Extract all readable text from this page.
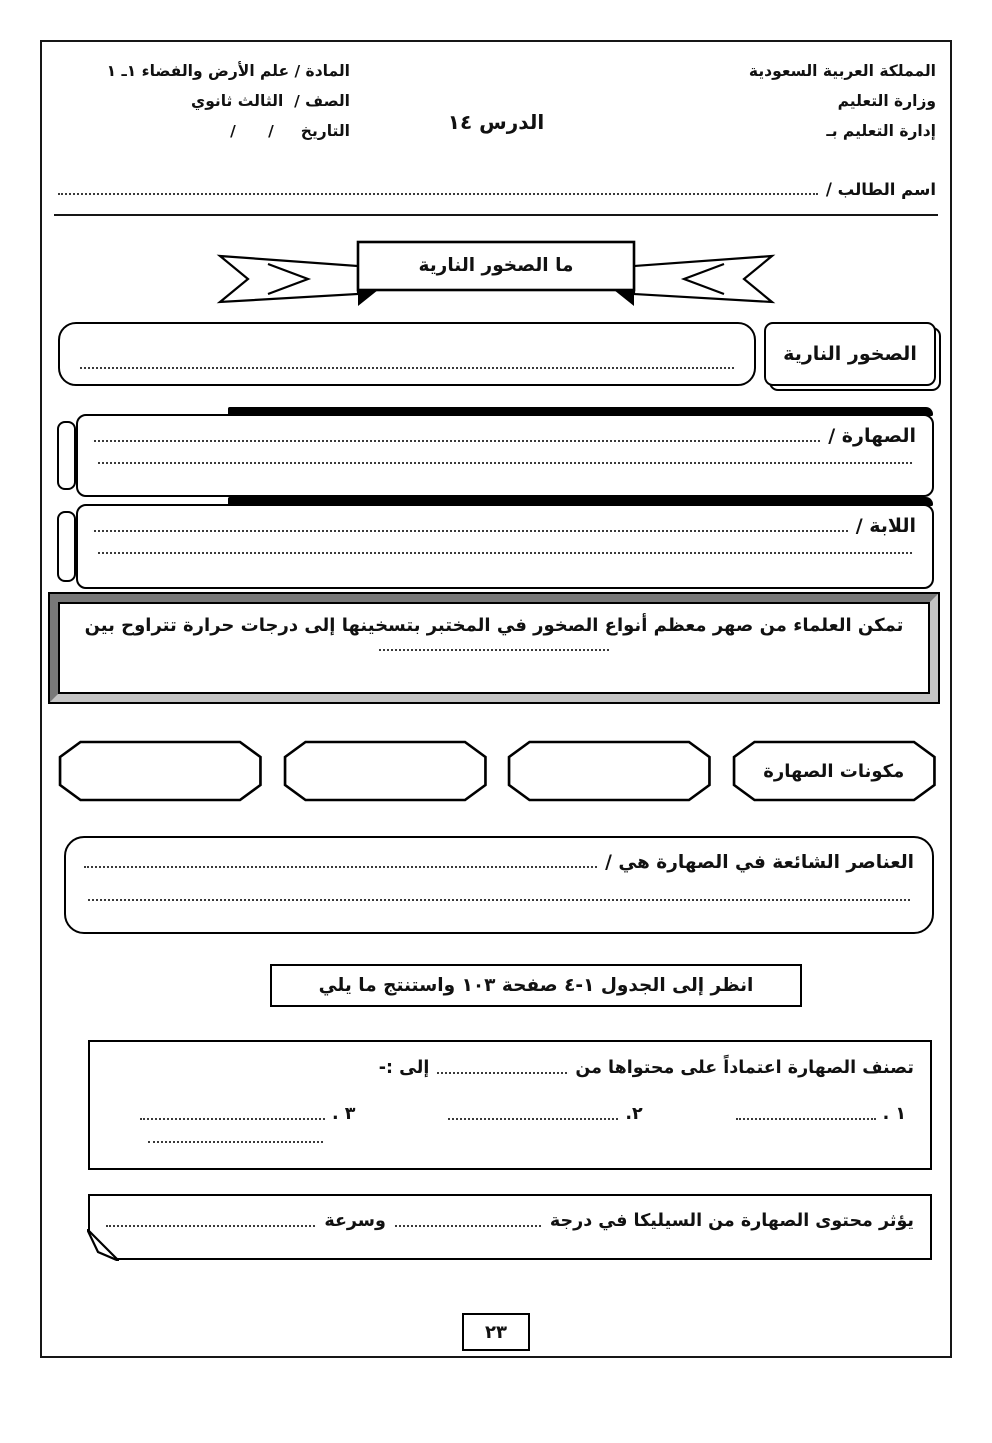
المملكة العربية السعودية
وزارة التعليم
إدارة التعليم بـ
المادة / علم الأرض والفضاء ١ـ ١
الصف /  الثالث ثانوي
التاريخ     /      /	الدرس ١٤
اسم الطالب /
ما الصخور النارية
الصخور النارية
الصهارة /
اللابة /
تمكن العلماء من صهر معظم أنواع الصخور في المختبر بتسخينها إلى درجات حرارة تتراوح بين
مكونات الصهارة
العناصر الشائعة في الصهارة هي /
انظر إلى الجدول ١-٤ صفحة ١٠٣ واستنتج ما يلي
تصنف الصهارة اعتماداً على محتواها من
إلى :-
١ .
٢.
٣ .
يؤثر محتوى الصهارة من السيليكا في درجة
وسرعة
٢٣
